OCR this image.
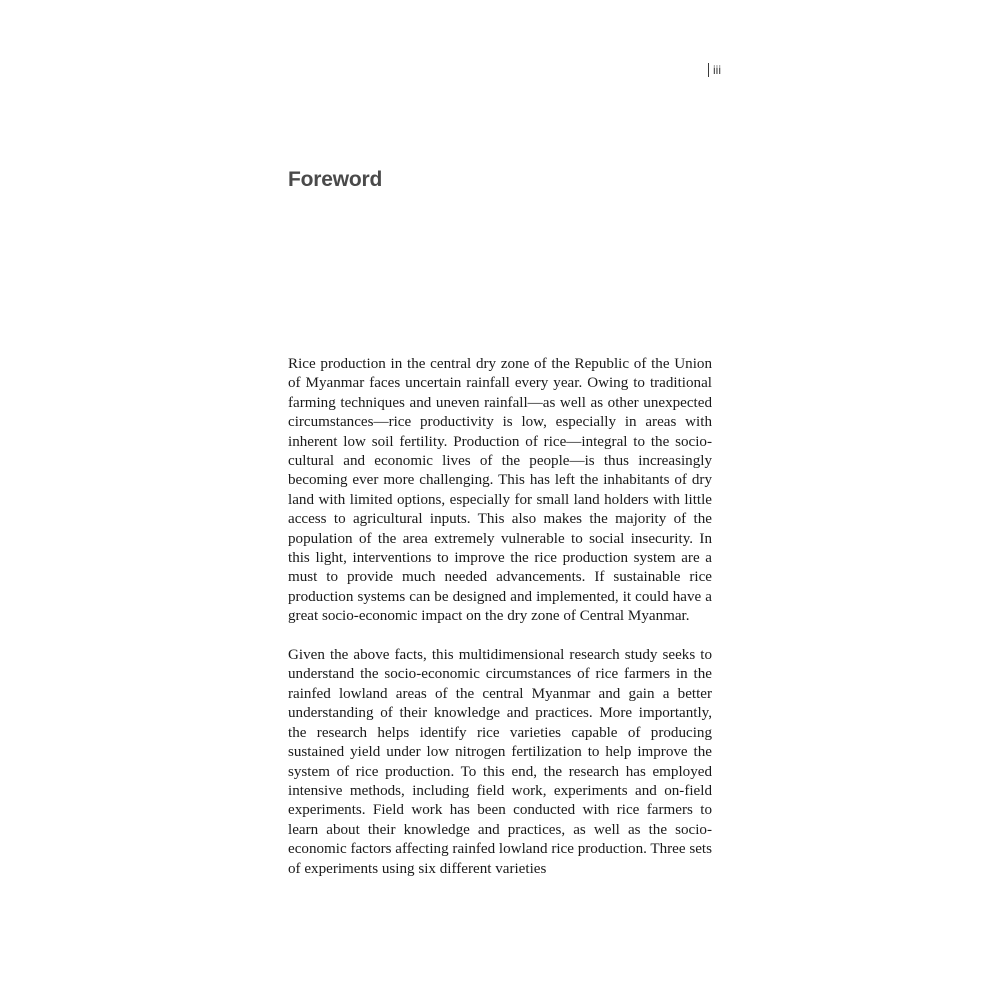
iii
Foreword

Rice production in the central dry zone of the Republic of the Union of Myanmar faces uncertain rainfall every year. Owing to traditional farming techniques and uneven rainfall—as well as other unexpected circumstances—rice productivity is low, especially in areas with inherent low soil fertility. Production of rice—integral to the socio-cultural and economic lives of the people—is thus increasingly becoming ever more challenging. This has left the inhabitants of dry land with limited options, especially for small land holders with little access to agricultural inputs. This also makes the majority of the population of the area extremely vulnerable to social insecurity. In this light, interventions to improve the rice production system are a must to provide much needed advancements. If sustainable rice production systems can be designed and implemented, it could have a great socio-economic impact on the dry zone of Central Myanmar.

Given the above facts, this multidimensional research study seeks to understand the socio-economic circumstances of rice farmers in the rainfed lowland areas of the central Myanmar and gain a better understanding of their knowledge and practices. More importantly, the research helps identify rice varieties capable of producing sustained yield under low nitrogen fertilization to help improve the system of rice production. To this end, the research has employed intensive methods, including field work, experiments and on-field experiments. Field work has been conducted with rice farmers to learn about their knowledge and practices, as well as the socio-economic factors affecting rainfed lowland rice production. Three sets of experiments using six different varieties
